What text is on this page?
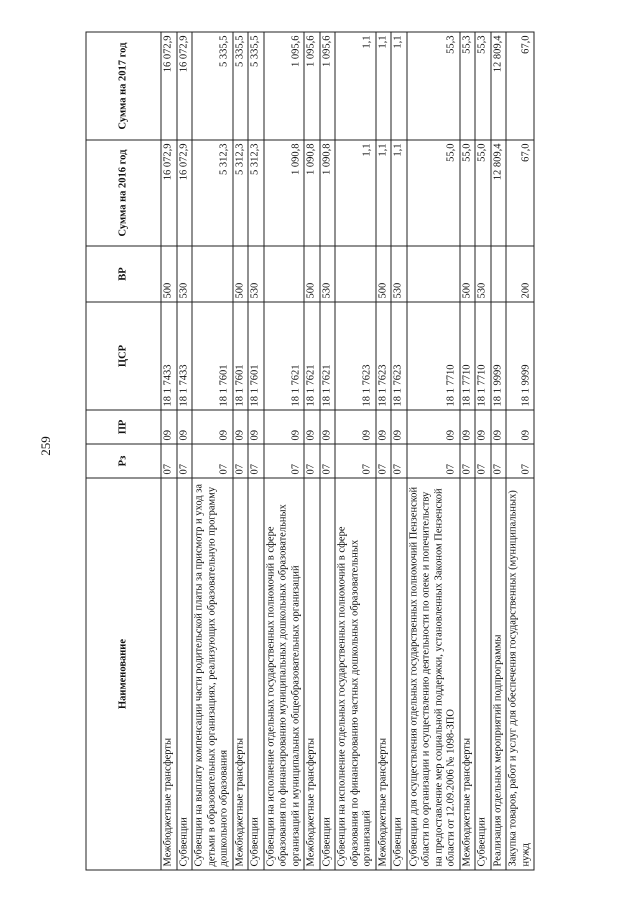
259
Наименование	Рз	ПР	ЦСР	ВР	Сумма на 2016 год	Сумма на 2017 год
Межбюджетные трансферты	07	09	18 1 7433	500	16 072,9	16 072,9
Субвенции	07	09	18 1 7433	530	16 072,9	16 072,9
Субвенции на выплату компенсации части родительской платы за присмотр и уход за детьми в образовательных организациях, реализующих образовательную программу дошкольного образования	07	09	18 1 7601		5 312,3	5 335,5
Межбюджетные трансферты	07	09	18 1 7601	500	5 312,3	5 335,5
Субвенции	07	09	18 1 7601	530	5 312,3	5 335,5
Субвенции на исполнение отдельных государственных полномочий в сфере образования по финансированию муниципальных дошкольных образовательных организаций и муниципальных общеобразовательных организаций	07	09	18 1 7621		1 090,8	1 095,6
Межбюджетные трансферты	07	09	18 1 7621	500	1 090,8	1 095,6
Субвенции	07	09	18 1 7621	530	1 090,8	1 095,6
Субвенции на исполнение отдельных государственных полномочий в сфере образования по финансированию частных дошкольных образовательных организаций	07	09	18 1 7623		1,1	1,1
Межбюджетные трансферты	07	09	18 1 7623	500	1,1	1,1
Субвенции	07	09	18 1 7623	530	1,1	1,1
Субвенции для осуществления отдельных государственных полномочий Пензенской области по организации и осуществлению деятельности по опеке и попечительству на предоставление мер социальной поддержки, установленных Законом Пензенской области от 12.09.2006 № 1098-ЗПО	07	09	18 1 7710		55,0	55,3
Межбюджетные трансферты	07	09	18 1 7710	500	55,0	55,3
Субвенции	07	09	18 1 7710	530	55,0	55,3
Реализация отдельных мероприятий подпрограммы	07	09	18 1 9999		12 809,4	12 809,4
Закупка товаров, работ и услуг для обеспечения государственных (муниципальных) нужд	07	09	18 1 9999	200	67,0	67,0
